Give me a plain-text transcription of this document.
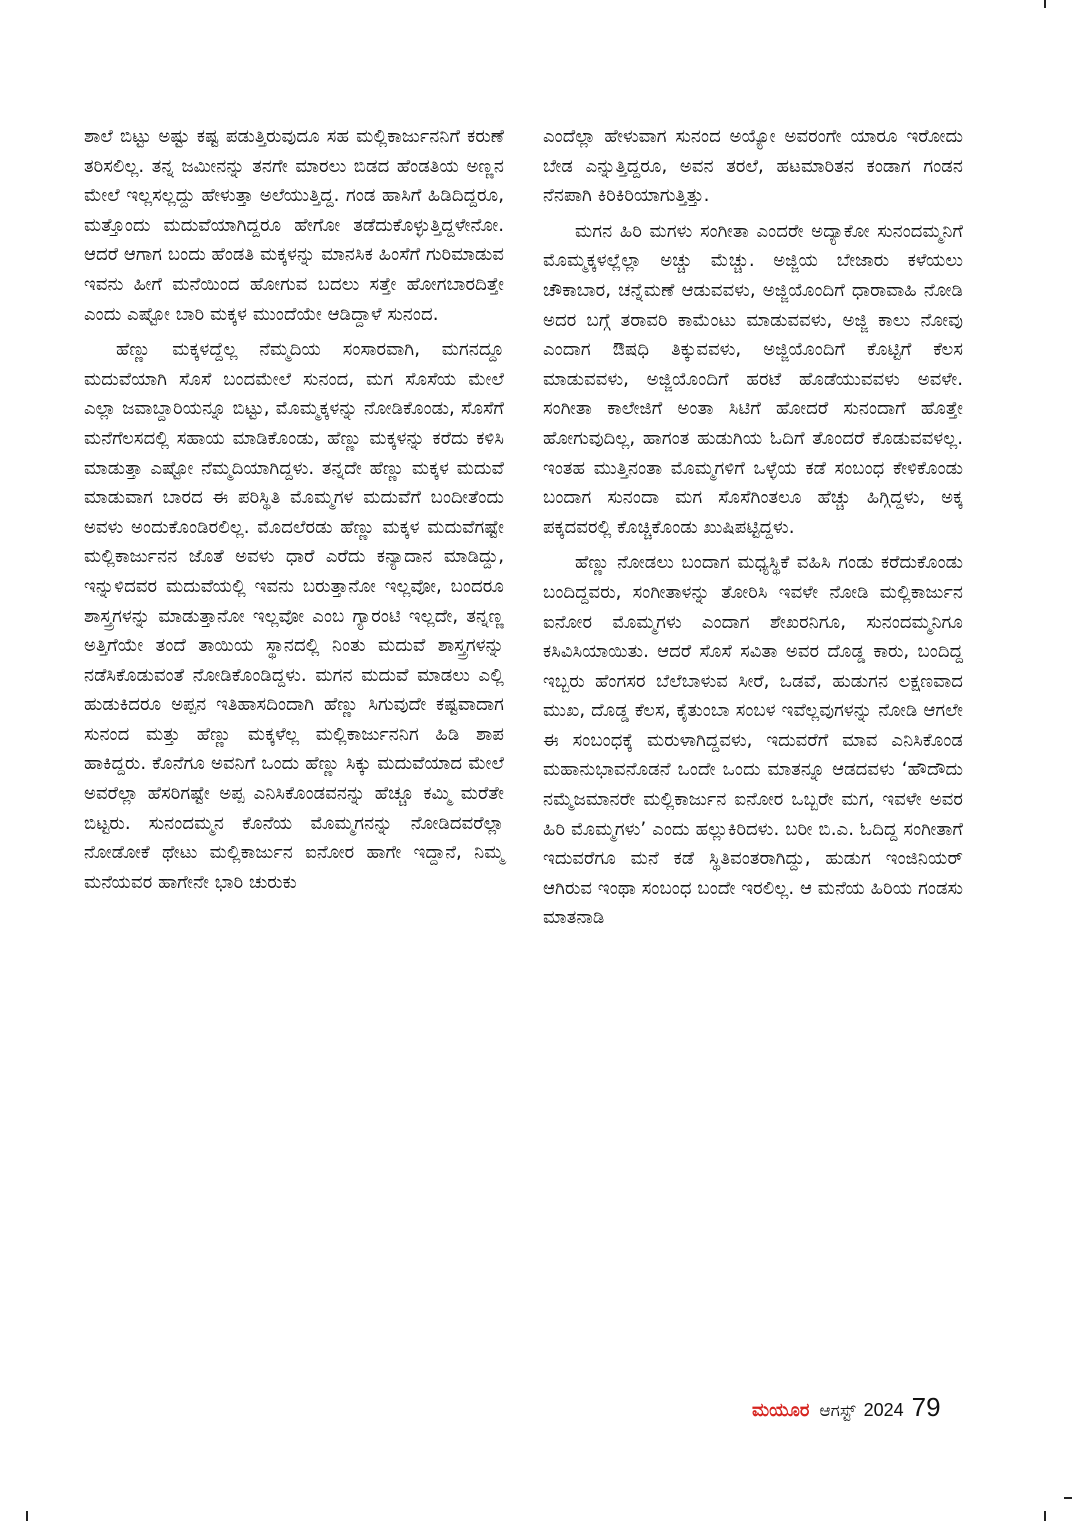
ಶಾಲೆ ಬಿಟ್ಟು ಅಷ್ಟು ಕಷ್ಟ ಪಡುತ್ತಿರುವುದೂ ಸಹ ಮಲ್ಲಿಕಾರ್ಜುನನಿಗೆ ಕರುಣೆ ತರಿಸಲಿಲ್ಲ. ತನ್ನ ಜಮೀನನ್ನು ತನಗೇ ಮಾರಲು ಬಿಡದ ಹೆಂಡತಿಯ ಅಣ್ಣನ ಮೇಲೆ ಇಲ್ಲಸಲ್ಲದ್ದು ಹೇಳುತ್ತಾ ಅಲೆಯುತ್ತಿದ್ದ. ಗಂಡ ಹಾಸಿಗೆ ಹಿಡಿದಿದ್ದರೂ, ಮತ್ತೊಂದು ಮದುವೆಯಾಗಿದ್ದರೂ ಹೇಗೋ ತಡೆದುಕೊಳ್ಳುತ್ತಿದ್ದಳೇನೋ. ಆದರೆ ಆಗಾಗ ಬಂದು ಹೆಂಡತಿ ಮಕ್ಕಳನ್ನು ಮಾನಸಿಕ ಹಿಂಸೆಗೆ ಗುರಿಮಾಡುವ ಇವನು ಹೀಗೆ ಮನೆಯಿಂದ ಹೋಗುವ ಬದಲು ಸತ್ತೇ ಹೋಗಬಾರದಿತ್ತೇ ಎಂದು ಎಷ್ಟೋ ಬಾರಿ ಮಕ್ಕಳ ಮುಂದೆಯೇ ಆಡಿದ್ದಾಳೆ ಸುನಂದ.

ಹೆಣ್ಣು ಮಕ್ಕಳದ್ದೆಲ್ಲ ನೆಮ್ಮದಿಯ ಸಂಸಾರವಾಗಿ, ಮಗನದ್ದೂ ಮದುವೆಯಾಗಿ ಸೊಸೆ ಬಂದಮೇಲೆ ಸುನಂದ, ಮಗ ಸೊಸೆಯ ಮೇಲೆ ಎಲ್ಲಾ ಜವಾಬ್ದಾರಿಯನ್ನೂ ಬಿಟ್ಟು, ಮೊಮ್ಮಕ್ಕಳನ್ನು ನೋಡಿಕೊಂಡು, ಸೊಸೆಗೆ ಮನೆಗೆಲಸದಲ್ಲಿ ಸಹಾಯ ಮಾಡಿಕೊಂಡು, ಹೆಣ್ಣು ಮಕ್ಕಳನ್ನು ಕರೆದು ಕಳಿಸಿ ಮಾಡುತ್ತಾ ಎಷ್ಟೋ ನೆಮ್ಮದಿಯಾಗಿದ್ದಳು. ತನ್ನದೇ ಹೆಣ್ಣು ಮಕ್ಕಳ ಮದುವೆ ಮಾಡುವಾಗ ಬಾರದ ಈ ಪರಿಸ್ಥಿತಿ ಮೊಮ್ಮಗಳ ಮದುವೆಗೆ ಬಂದೀತೆಂದು ಅವಳು ಅಂದುಕೊಂಡಿರಲಿಲ್ಲ. ಮೊದಲೆರಡು ಹೆಣ್ಣು ಮಕ್ಕಳ ಮದುವೆಗಷ್ಟೇ ಮಲ್ಲಿಕಾರ್ಜುನನ ಜೊತೆ ಅವಳು ಧಾರೆ ಎರೆದು ಕನ್ಯಾದಾನ ಮಾಡಿದ್ದು, ಇನ್ನುಳಿದವರ ಮದುವೆಯಲ್ಲಿ ಇವನು ಬರುತ್ತಾನೋ ಇಲ್ಲವೋ, ಬಂದರೂ ಶಾಸ್ತ್ರಗಳನ್ನು ಮಾಡುತ್ತಾನೋ ಇಲ್ಲವೋ ಎಂಬ ಗ್ಯಾರಂಟಿ ಇಲ್ಲದೇ, ತನ್ನಣ್ಣ ಅತ್ತಿಗೆಯೇ ತಂದೆ ತಾಯಿಯ ಸ್ಥಾನದಲ್ಲಿ ನಿಂತು ಮದುವೆ ಶಾಸ್ತ್ರಗಳನ್ನು ನಡೆಸಿಕೊಡುವಂತೆ ನೋಡಿಕೊಂಡಿದ್ದಳು. ಮಗನ ಮದುವೆ ಮಾಡಲು ಎಲ್ಲಿ ಹುಡುಕಿದರೂ ಅಪ್ಪನ ಇತಿಹಾಸದಿಂದಾಗಿ ಹೆಣ್ಣು ಸಿಗುವುದೇ ಕಷ್ಟವಾದಾಗ ಸುನಂದ ಮತ್ತು ಹೆಣ್ಣು ಮಕ್ಕಳೆಲ್ಲ ಮಲ್ಲಿಕಾರ್ಜುನನಿಗ ಹಿಡಿ ಶಾಪ ಹಾಕಿದ್ದರು. ಕೊನೆಗೂ ಅವನಿಗೆ ಒಂದು ಹೆಣ್ಣು ಸಿಕ್ಕು ಮದುವೆಯಾದ ಮೇಲೆ ಅವರೆಲ್ಲಾ ಹೆಸರಿಗಷ್ಟೇ ಅಪ್ಪ ಎನಿಸಿಕೊಂಡವನನ್ನು ಹೆಚ್ಚೂ ಕಮ್ಮಿ ಮರೆತೇ ಬಿಟ್ಟರು. ಸುನಂದಮ್ಮನ ಕೊನೆಯ ಮೊಮ್ಮಗನನ್ನು ನೋಡಿದವರೆಲ್ಲಾ ನೋಡೋಕೆ ಥೇಟು ಮಲ್ಲಿಕಾರ್ಜುನ ಐನೋರ ಹಾಗೇ ಇದ್ದಾನೆ, ನಿಮ್ಮ ಮನೆಯವರ ಹಾಗೇನೇ ಭಾರಿ ಚುರುಕು

ಎಂದೆಲ್ಲಾ ಹೇಳುವಾಗ ಸುನಂದ ಅಯ್ಯೋ ಅವರಂಗೇ ಯಾರೂ ಇರೋದು ಬೇಡ ಎನ್ನುತ್ತಿದ್ದರೂ, ಅವನ ತರಲೆ, ಹಟಮಾರಿತನ ಕಂಡಾಗ ಗಂಡನ ನೆನಪಾಗಿ ಕಿರಿಕಿರಿಯಾಗುತ್ತಿತ್ತು.

ಮಗನ ಹಿರಿ ಮಗಳು ಸಂಗೀತಾ ಎಂದರೇ ಅದ್ಯಾಕೋ ಸುನಂದಮ್ಮನಿಗೆ ಮೊಮ್ಮಕ್ಕಳಲ್ಲೆಲ್ಲಾ ಅಚ್ಚು ಮೆಚ್ಚು. ಅಜ್ಜಿಯ ಬೇಜಾರು ಕಳೆಯಲು ಚೌಕಾಬಾರ, ಚನ್ನೆಮಣೆ ಆಡುವವಳು, ಅಜ್ಜಿಯೊಂದಿಗೆ ಧಾರಾವಾಹಿ ನೋಡಿ ಅದರ ಬಗ್ಗೆ ತರಾವರಿ ಕಾಮೆಂಟು ಮಾಡುವವಳು, ಅಜ್ಜಿ ಕಾಲು ನೋವು ಎಂದಾಗ ಔಷಧಿ ತಿಕ್ಕುವವಳು, ಅಜ್ಜಿಯೊಂದಿಗೆ ಕೊಟ್ಟಿಗೆ ಕೆಲಸ ಮಾಡುವವಳು, ಅಜ್ಜಿಯೊಂದಿಗೆ ಹರಟೆ ಹೊಡೆಯುವವಳು ಅವಳೇ. ಸಂಗೀತಾ ಕಾಲೇಜಿಗೆ ಅಂತಾ ಸಿಟಿಗೆ ಹೋದರೆ ಸುನಂದಾಗೆ ಹೊತ್ತೇ ಹೋಗುವುದಿಲ್ಲ, ಹಾಗಂತ ಹುಡುಗಿಯ ಓದಿಗೆ ತೊಂದರೆ ಕೊಡುವವಳಲ್ಲ. ಇಂತಹ ಮುತ್ತಿನಂತಾ ಮೊಮ್ಮಗಳಿಗೆ ಒಳ್ಳೆಯ ಕಡೆ ಸಂಬಂಧ ಕೇಳಿಕೊಂಡು ಬಂದಾಗ ಸುನಂದಾ ಮಗ ಸೊಸೆಗಿಂತಲೂ ಹೆಚ್ಚು ಹಿಗ್ಗಿದ್ದಳು, ಅಕ್ಕ ಪಕ್ಕದವರಲ್ಲಿ ಕೊಚ್ಚಿಕೊಂಡು ಖುಷಿಪಟ್ಟಿದ್ದಳು.

ಹೆಣ್ಣು ನೋಡಲು ಬಂದಾಗ ಮಧ್ಯಸ್ಥಿಕೆ ವಹಿಸಿ ಗಂಡು ಕರೆದುಕೊಂಡು ಬಂದಿದ್ದವರು, ಸಂಗೀತಾಳನ್ನು ತೋರಿಸಿ ಇವಳೇ ನೋಡಿ ಮಲ್ಲಿಕಾರ್ಜುನ ಐನೋರ ಮೊಮ್ಮಗಳು ಎಂದಾಗ ಶೇಖರನಿಗೂ, ಸುನಂದಮ್ಮನಿಗೂ ಕಸಿವಿಸಿಯಾಯಿತು. ಆದರೆ ಸೊಸೆ ಸವಿತಾ ಅವರ ದೊಡ್ಡ ಕಾರು, ಬಂದಿದ್ದ ಇಬ್ಬರು ಹೆಂಗಸರ ಬೆಲೆಬಾಳುವ ಸೀರೆ, ಒಡವೆ, ಹುಡುಗನ ಲಕ್ಷಣವಾದ ಮುಖ, ದೊಡ್ಡ ಕೆಲಸ, ಕೈತುಂಬಾ ಸಂಬಳ ಇವೆಲ್ಲವುಗಳನ್ನು ನೋಡಿ ಆಗಲೇ ಈ ಸಂಬಂಧಕ್ಕೆ ಮರುಳಾಗಿದ್ದವಳು, ಇದುವರೆಗೆ ಮಾವ ಎನಿಸಿಕೊಂಡ ಮಹಾನುಭಾವನೊಡನೆ ಒಂದೇ ಒಂದು ಮಾತನ್ನೂ ಆಡದವಳು ‘ಹೌದೌದು ನಮ್ಮೆಜಮಾನರೇ ಮಲ್ಲಿಕಾರ್ಜುನ ಐನೋರ ಒಬ್ಬರೇ ಮಗ, ಇವಳೇ ಅವರ ಹಿರಿ ಮೊಮ್ಮಗಳು’ ಎಂದು ಹಲ್ಲುಕಿರಿದಳು. ಬರೀ ಬಿ.ಎ. ಓದಿದ್ದ ಸಂಗೀತಾಗೆ ಇದುವರೆಗೂ ಮನೆ ಕಡೆ ಸ್ಥಿತಿವಂತರಾಗಿದ್ದು, ಹುಡುಗ ಇಂಜಿನಿಯರ್ ಆಗಿರುವ ಇಂಥಾ ಸಂಬಂಧ ಬಂದೇ ಇರಲಿಲ್ಲ. ಆ ಮನೆಯ ಹಿರಿಯ ಗಂಡಸು ಮಾತನಾಡಿ

ಮಯೂರ ಆಗಸ್ಟ್ 2024 79
